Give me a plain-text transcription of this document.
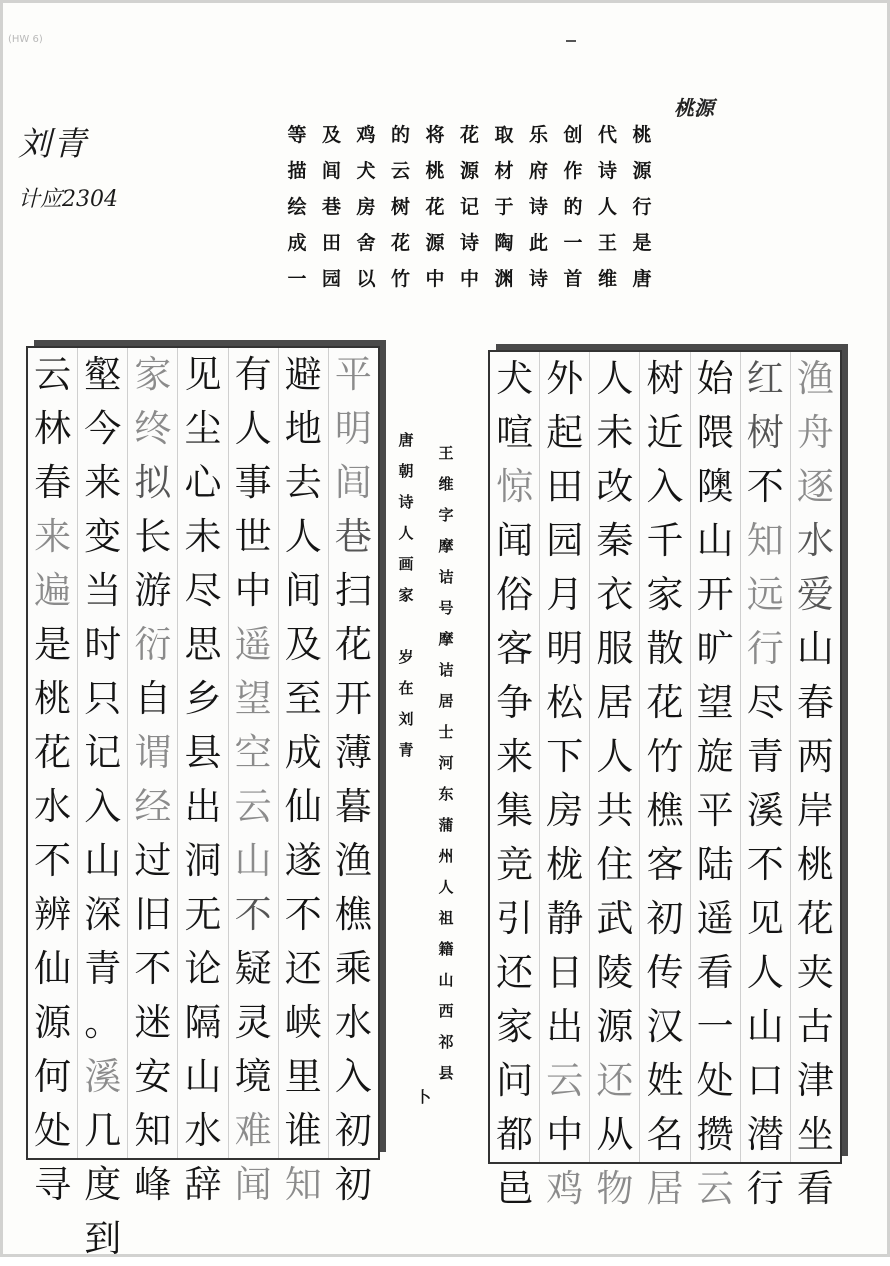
(HW 6)
桃源
刘青
计应2304
桃
源
行
是
唐
代
诗
人
王
维
创
作
的
一
首
乐
府
诗
此
诗
取
材
于
陶
渊
花
源
记
诗
中
将
桃
花
源
中
的
云
树
花
竹
鸡
犬
房
舍
以
及
闾
巷
田
园
等
描
绘
成
一
王
维
字
摩
诘
号
摩
诘
居
士
河
东
蒲
州
人
祖
籍
山
西
祁
县
唐
朝
诗
人
画
家
岁
在
刘
青
卜
渔
舟
逐
水
爱
山
春
两
岸
桃
花
夹
古
津
坐
看
红
树
不
知
远
行
尽
青
溪
不
见
人
山
口
潜
行
始
隈
隩
山
开
旷
望
旋
平
陆
遥
看
一
处
攒
云
树
近
入
千
家
散
花
竹
樵
客
初
传
汉
姓
名
居
人
未
改
秦
衣
服
居
人
共
住
武
陵
源
还
从
物
外
起
田
园
月
明
松
下
房
栊
静
日
出
云
中
鸡
犬
喧
惊
闻
俗
客
争
来
集
竞
引
还
家
问
都
邑
平
明
闾
巷
扫
花
开
薄
暮
渔
樵
乘
水
入
初
初
避
地
去
人
间
及
至
成
仙
遂
不
还
峡
里
谁
知
有
人
事
世
中
遥
望
空
云
山
不
疑
灵
境
难
闻
见
尘
心
未
尽
思
乡
县
出
洞
无
论
隔
山
水
辞
家
终
拟
长
游
衍
自
谓
经
过
旧
不
迷
安
知
峰
壑
今
来
变
当
时
只
记
入
山
深
青
。
溪
几
度
到
云
林
春
来
遍
是
桃
花
水
不
辨
仙
源
何
处
寻
